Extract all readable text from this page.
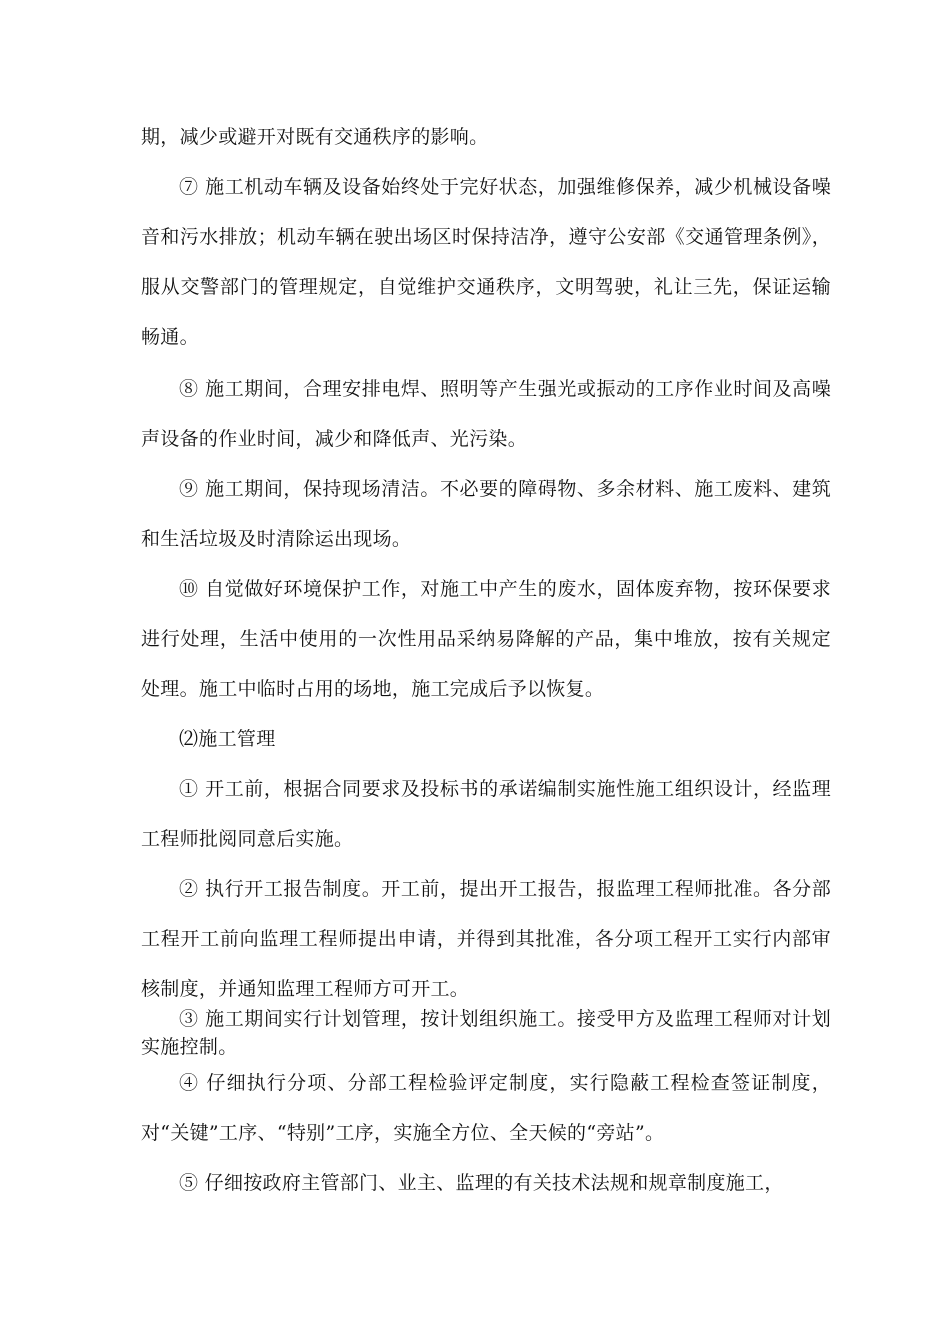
期，减少或避开对既有交通秩序的影响。

⑦ 施工机动车辆及设备始终处于完好状态，加强维修保养，减少机械设备噪音和污水排放；机动车辆在驶出场区时保持洁净，遵守公安部《交通管理条例》，服从交警部门的管理规定，自觉维护交通秩序，文明驾驶，礼让三先，保证运输畅通。

⑧ 施工期间，合理安排电焊、照明等产生强光或振动的工序作业时间及高噪声设备的作业时间，减少和降低声、光污染。

⑨ 施工期间，保持现场清洁。不必要的障碍物、多余材料、施工废料、建筑和生活垃圾及时清除运出现场。

⑩ 自觉做好环境保护工作，对施工中产生的废水，固体废弃物，按环保要求进行处理，生活中使用的一次性用品采纳易降解的产品，集中堆放，按有关规定处理。施工中临时占用的场地，施工完成后予以恢复。

⑵施工管理

① 开工前，根据合同要求及投标书的承诺编制实施性施工组织设计，经监理工程师批阅同意后实施。

② 执行开工报告制度。开工前，提出开工报告，报监理工程师批准。各分部工程开工前向监理工程师提出申请，并得到其批准，各分项工程开工实行内部审核制度，并通知监理工程师方可开工。

③ 施工期间实行计划管理，按计划组织施工。接受甲方及监理工程师对计划实施控制。

④ 仔细执行分项、分部工程检验评定制度，实行隐蔽工程检查签证制度，对“关键”工序、“特别”工序，实施全方位、全天候的“旁站”。

⑤ 仔细按政府主管部门、业主、监理的有关技术法规和规章制度施工，
